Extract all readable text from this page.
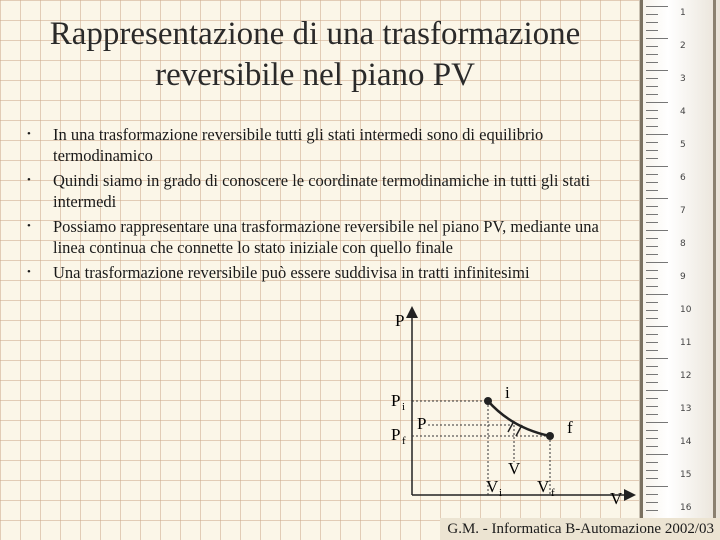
1
2
3
4
5
6
7
8
9
10
11
12
13
14
15
16
Rappresentazione di una trasformazione reversibile nel piano PV
• In una trasformazione reversibile tutti gli stati intermedi sono di equilibrio termodinamico
• Quindi siamo in grado di conoscere le coordinate termodinamiche in tutti gli stati intermedi
• Possiamo rappresentare una trasformazione reversibile nel piano PV, mediante una linea continua che connette lo stato iniziale con quello finale
• Una trasformazione reversibile può essere suddivisa in tratti infinitesimi
P
V
i
f
P i
P f
P
V
V i V f
G.M. - Informatica B-Automazione 2002/03
